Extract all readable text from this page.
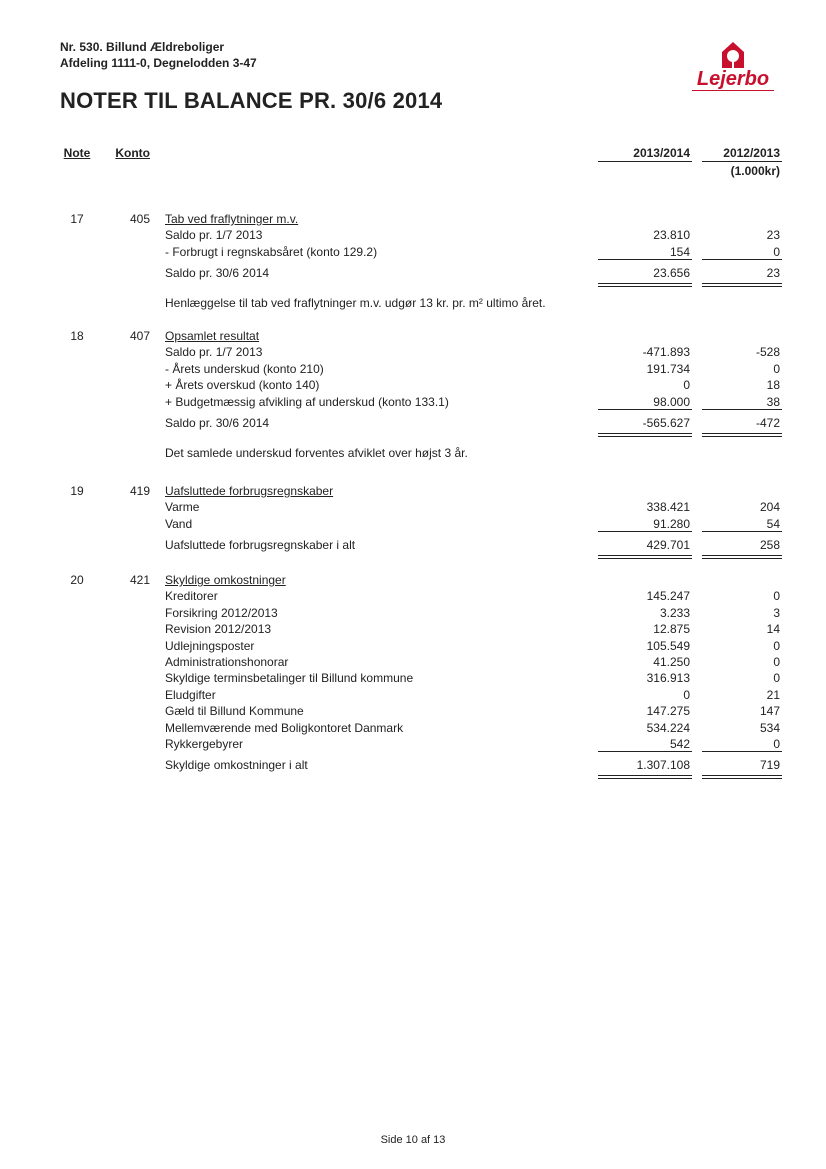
Nr. 530. Billund Ældreboliger
Afdeling 1111-0, Degnelodden 3-47
NOTER TIL BALANCE PR. 30/6 2014
Lejerbo
Note	Konto	2013/2014	2012/2013
(1.000kr)
17	405 Tab ved fraflytninger m.v.
Saldo pr. 1/7 2013	23.810	23
- Forbrugt i regnskabsåret (konto 129.2)	154	0
Saldo pr. 30/6 2014	23.656	23
Henlæggelse til tab ved fraflytninger m.v. udgør 13 kr. pr. m² ultimo året.
18	407 Opsamlet resultat
Saldo pr. 1/7 2013	-471.893	-528
- Årets underskud (konto 210)	191.734	0
+ Årets overskud (konto 140)	0	18
+ Budgetmæssig afvikling af underskud (konto 133.1)	98.000	38
Saldo pr. 30/6 2014	-565.627	-472
Det samlede underskud forventes afviklet over højst 3 år.
19	419 Uafsluttede forbrugsregnskaber
Varme	338.421	204
Vand	91.280	54
Uafsluttede forbrugsregnskaber i alt	429.701	258
20	421 Skyldige omkostninger
Kreditorer	145.247	0
Forsikring 2012/2013	3.233	3
Revision 2012/2013	12.875	14
Udlejningsposter	105.549	0
Administrationshonorar	41.250	0
Skyldige terminsbetalinger til Billund kommune	316.913	0
Eludgifter	0	21
Gæld til Billund Kommune	147.275	147
Mellemværende med Boligkontoret Danmark	534.224	534
Rykkergebyrer	542	0
Skyldige omkostninger i alt	1.307.108	719
Side 10 af 13
